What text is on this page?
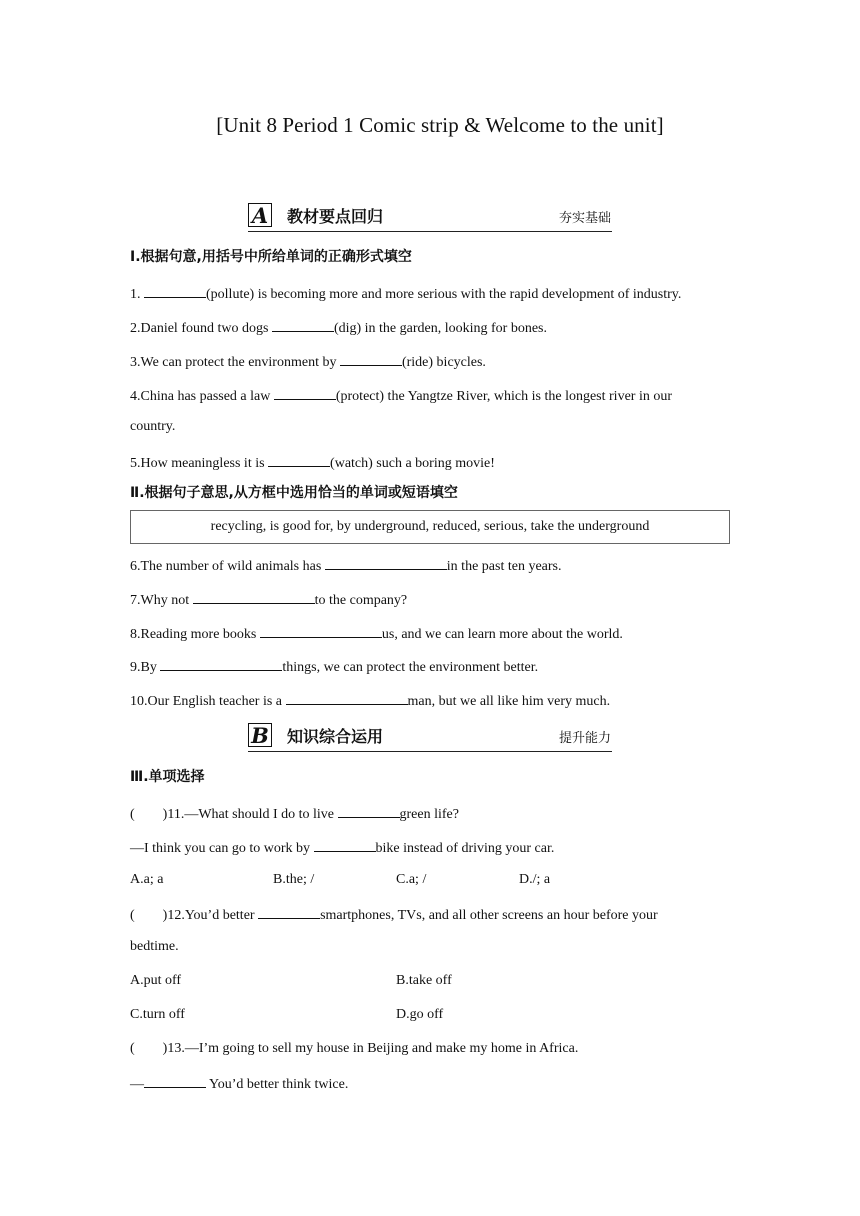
[Unit 8 Period 1 Comic strip & Welcome to the unit]
A 教材要点回归	夯实基础
Ⅰ.根据句意,用括号中所给单词的正确形式填空
1.	(pollute) is becoming more and more serious with the rapid development of industry.
2.Daniel found two dogs	(dig) in the garden, looking for bones.
3.We can protect the environment by	(ride) bicycles.
4.China has passed a law	(protect) the Yangtze River, which is the longest river in our
country.
5.How meaningless it is	(watch) such a boring movie!
Ⅱ.根据句子意思,从方框中选用恰当的单词或短语填空
recycling, is good for, by underground, reduced, serious, take the underground
6.The number of wild animals has	in the past ten years.
7.Why not	to the company?
8.Reading more books	us, and we can learn more about the world.
9.By	things, we can protect the environment better.
10.Our English teacher is a	man, but we all like him very much.
B 知识综合运用	提升能力
Ⅲ.单项选择
( )11.—What should I do to live	green life?
—I think you can go to work by	bike instead of driving your car.
A.a; a	B.the; /	C.a; /	D./; a
( )12.You’d better	smartphones, TVs, and all other screens an hour before your
bedtime.
A.put off	B.take off
C.turn off	D.go off
( )13.—I’m going to sell my house in Beijing and make my home in Africa.
—	You’d better think twice.
